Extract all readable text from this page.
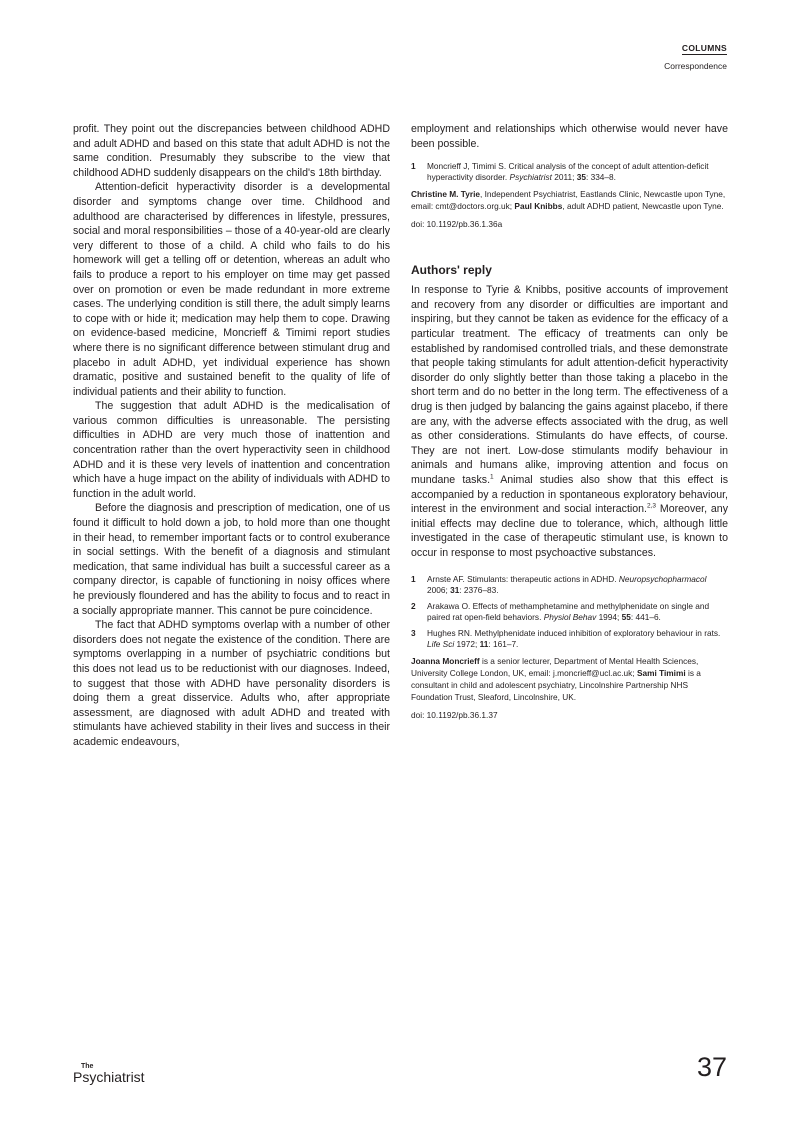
COLUMNS
Correspondence

profit. They point out the discrepancies between childhood ADHD and adult ADHD and based on this state that adult ADHD is not the same condition. Presumably they subscribe to the view that childhood ADHD suddenly disappears on the child's 18th birthday.

Attention-deficit hyperactivity disorder is a developmental disorder and symptoms change over time. Childhood and adulthood are characterised by differences in lifestyle, pressures, social and moral responsibilities – those of a 40-year-old are clearly very different to those of a child. A child who fails to do his homework will get a telling off or detention, whereas an adult who fails to produce a report to his employer on time may get passed over on promotion or even be made redundant in more extreme cases. The underlying condition is still there, the adult simply learns to cope with or hide it; medication may help them to cope. Drawing on evidence-based medicine, Moncrieff & Timimi report studies where there is no significant difference between stimulant drug and placebo in adult ADHD, yet individual experience has shown dramatic, positive and sustained benefit to the quality of life of individual patients and their ability to function.

The suggestion that adult ADHD is the medicalisation of various common difficulties is unreasonable. The persisting difficulties in ADHD are very much those of inattention and concentration rather than the overt hyperactivity seen in childhood ADHD and it is these very levels of inattention and concentration which have a huge impact on the ability of individuals with ADHD to function in the adult world.

Before the diagnosis and prescription of medication, one of us found it difficult to hold down a job, to hold more than one thought in their head, to remember important facts or to control exuberance in social settings. With the benefit of a diagnosis and stimulant medication, that same individual has built a successful career as a company director, is capable of functioning in noisy offices where he previously floundered and has the ability to focus and to react in a socially appropriate manner. This cannot be pure coincidence.

The fact that ADHD symptoms overlap with a number of other disorders does not negate the existence of the condition. There are symptoms overlapping in a number of psychiatric conditions but this does not lead us to be reductionist with our diagnoses. Indeed, to suggest that those with ADHD have personality disorders is doing them a great disservice. Adults who, after appropriate assessment, are diagnosed with adult ADHD and treated with stimulants have achieved stability in their lives and success in their academic endeavours,

employment and relationships which otherwise would never have been possible.

1 Moncrieff J, Timimi S. Critical analysis of the concept of adult attention-deficit hyperactivity disorder. Psychiatrist 2011; 35: 334–8.
Christine M. Tyrie, Independent Psychiatrist, Eastlands Clinic, Newcastle upon Tyne, email: cmt@doctors.org.uk; Paul Knibbs, adult ADHD patient, Newcastle upon Tyne.
doi: 10.1192/pb.36.1.36a
Authors' reply

In response to Tyrie & Knibbs, positive accounts of improvement and recovery from any disorder or difficulties are important and inspiring, but they cannot be taken as evidence for the efficacy of a particular treatment. The efficacy of treatments can only be established by randomised controlled trials, and these demonstrate that people taking stimulants for adult attention-deficit hyperactivity disorder do only slightly better than those taking a placebo in the short term and do no better in the long term. The effectiveness of a drug is then judged by balancing the gains against placebo, if there are any, with the adverse effects associated with the drug, as well as other considerations. Stimulants do have effects, of course. They are not inert. Low-dose stimulants modify behaviour in animals and humans alike, improving attention and focus on mundane tasks.$^1$ Animal studies also show that this effect is accompanied by a reduction in spontaneous exploratory behaviour, interest in the environment and social interaction.$^{2,3}$ Moreover, any initial effects may decline due to tolerance, which, although little investigated in the case of therapeutic stimulant use, is known to occur in response to most psychoactive substances.

1 Arnste AF. Stimulants: therapeutic actions in ADHD. Neuropsychopharmacol 2006; 31: 2376–83.
2 Arakawa O. Effects of methamphetamine and methylphenidate on single and paired rat open-field behaviors. Physiol Behav 1994; 55: 441–6.
3 Hughes RN. Methylphenidate induced inhibition of exploratory behaviour in rats. Life Sci 1972; 11: 161–7.
Joanna Moncrieff is a senior lecturer, Department of Mental Health Sciences, University College London, UK, email: j.moncrieff@ucl.ac.uk; Sami Timimi is a consultant in child and adolescent psychiatry, Lincolnshire Partnership NHS Foundation Trust, Sleaford, Lincolnshire, UK.
doi: 10.1192/pb.36.1.37
The
Psychiatrist	37
